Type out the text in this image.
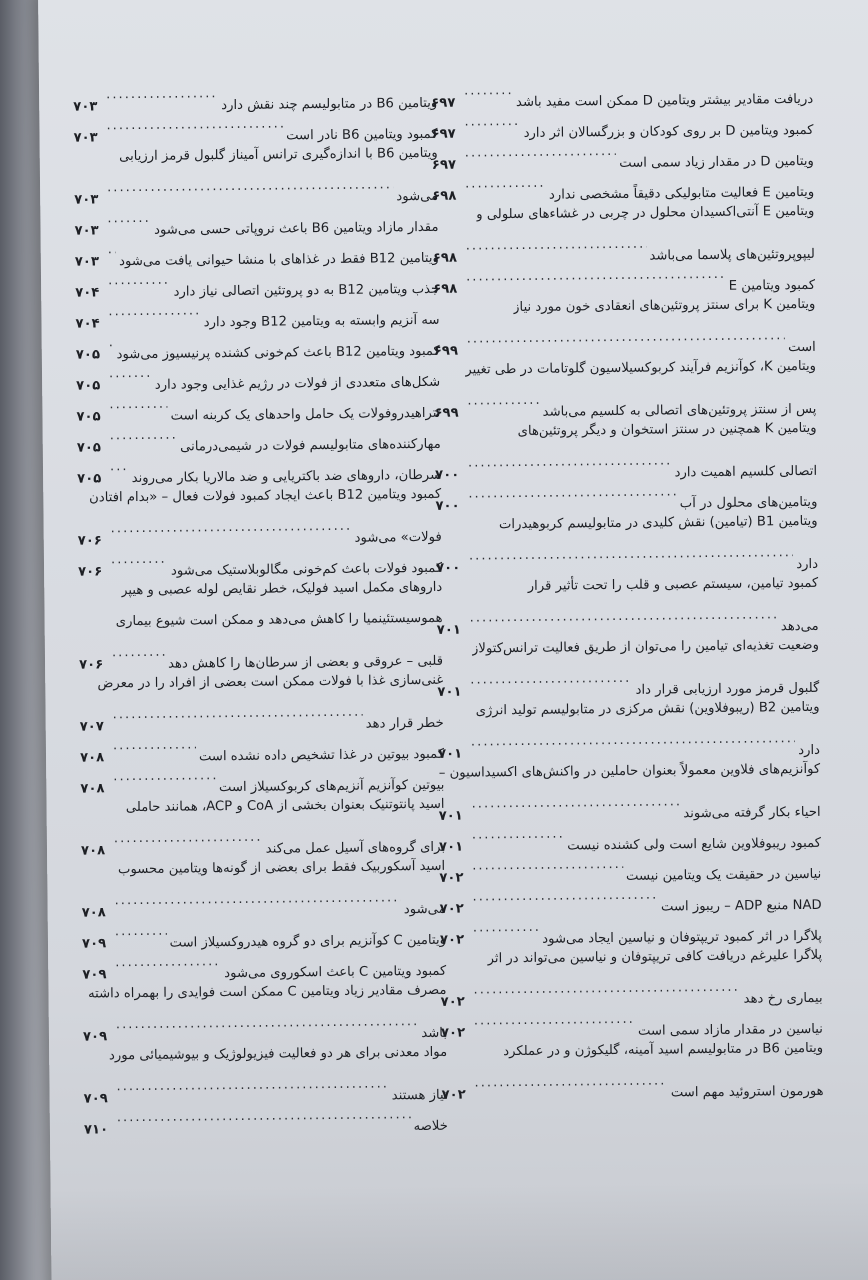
دریافت مقادیر بیشتر ویتامین D ممکن است مفید باشد
.....
۶۹۷
کمبود ویتامین D بر روی کودکان و بزرگسالان اثر دارد
.....
۶۹۷
ویتامین D در مقدار زیاد سمی است
.....
۶۹۷
ویتامین E فعالیت متابولیکی دقیقاً مشخصی ندارد
.....
۶۹۸
ویتامین E آنتی‌اکسیدان محلول در چربی در غشاءهای سلولی و
لیپوپروتئین‌های پلاسما می‌باشد
.....
۶۹۸
کمبود ویتامین E
.....
۶۹۸
ویتامین K برای سنتز پروتئین‌های انعقادی خون مورد نیاز
است
.....
۶۹۹
ویتامین K، کوآنزیم فرآیند کربوکسیلاسیون گلوتامات در طی تغییر
پس از سنتز پروتئین‌های اتصالی به کلسیم می‌باشد
.....
۶۹۹
ویتامین K همچنین در سنتز استخوان و دیگر پروتئین‌های
اتصالی کلسیم اهمیت دارد
.....
۷۰۰
ویتامین‌های محلول در آب
.....
۷۰۰
ویتامین B1 (تیامین) نقش کلیدی در متابولیسم کربوهیدرات
دارد
.....
۷۰۰
کمبود تیامین، سیستم عصبی و قلب را تحت تأثیر قرار
می‌دهد
.....
۷۰۱
وضعیت تغذیه‌ای تیامین را می‌توان از طریق فعالیت ترانس‌کتولاز
گلبول قرمز مورد ارزیابی قرار داد
.....
۷۰۱
ویتامین B2 (ریبوفلاوین) نقش مرکزی در متابولیسم تولید انرژی
دارد
.....
۷۰۱
کوآنزیم‌های فلاوین معمولاً بعنوان حاملین در واکنش‌های اکسیداسیون –
احیاء بکار گرفته می‌شوند
.....
۷۰۱
کمبود ریبوفلاوین شایع است ولی کشنده نیست
.....
۷۰۱
نیاسین در حقیقت یک ویتامین نیست
.....
۷۰۲
NAD منبع ADP – ریبوز است
.....
۷۰۲
پلاگرا در اثر کمبود تریپتوفان و نیاسین ایجاد می‌شود
.....
۷۰۲
پلاگرا علیرغم دریافت کافی تریپتوفان و نیاسین می‌تواند در اثر
بیماری رخ دهد
.....
۷۰۲
نیاسین در مقدار مازاد سمی است
.....
۷۰۲
ویتامین B6 در متابولیسم اسید آمینه، گلیکوژن و در عملکرد
هورمون استروئید مهم است
.....
۷۰۲
ویتامین B6 در متابولیسم چند نقش دارد
.....
۷۰۳
کمبود ویتامین B6 نادر است
.....
۷۰۳
ویتامین B6 با اندازه‌گیری ترانس آمیناز گلبول قرمز ارزیابی
می‌شود
.....
۷۰۳
مقدار مازاد ویتامین B6 باعث نروپاتی حسی می‌شود
.....
۷۰۳
ویتامین B12 فقط در غذاهای با منشا حیوانی یافت می‌شود
.....
۷۰۳
جذب ویتامین B12 به دو پروتئین اتصالی نیاز دارد
.....
۷۰۴
سه آنزیم وابسته به ویتامین B12 وجود دارد
.....
۷۰۴
کمبود ویتامین B12 باعث کم‌خونی کشنده پرنیسیوز می‌شود
.....
۷۰۵
شکل‌های متعددی از فولات در رژیم غذایی وجود دارد
.....
۷۰۵
تتراهیدروفولات یک حامل واحدهای یک کربنه است
.....
۷۰۵
مهارکننده‌های متابولیسم فولات در شیمی‌درمانی
.....
۷۰۵
سرطان، داروهای ضد باکتریایی و ضد مالاریا بکار می‌روند
.....
۷۰۵
کمبود ویتامین B12 باعث ایجاد کمبود فولات فعال – «بدام افتادن
فولات» می‌شود
.....
۷۰۶
کمبود فولات باعث کم‌خونی مگالوبلاستیک می‌شود
.....
۷۰۶
داروهای مکمل اسید فولیک، خطر نقایص لوله عصبی و هیپر
هموسیستئینمیا را کاهش می‌دهد و ممکن است شیوع بیماری
قلبی – عروقی و بعضی از سرطان‌ها را کاهش دهد
.....
۷۰۶
غنی‌سازی غذا با فولات ممکن است بعضی از افراد را در معرض
خطر قرار دهد
.....
۷۰۷
کمبود بیوتین در غذا تشخیص داده نشده است
.....
۷۰۸
بیوتین کوآنزیم آنزیم‌های کربوکسیلاز است
.....
۷۰۸
اسید پانتوتنیک بعنوان بخشی از CoA و ACP، همانند حاملی
برای گروه‌های آسیل عمل می‌کند
.....
۷۰۸
اسید آسکوربیک فقط برای بعضی از گونه‌ها ویتامین محسوب
می‌شود
.....
۷۰۸
ویتامین C کوآنزیم برای دو گروه هیدروکسیلاز است
.....
۷۰۹
کمبود ویتامین C باعث اسکوروی می‌شود
.....
۷۰۹
مصرف مقادیر زیاد ویتامین C ممکن است فوایدی را بهمراه داشته
باشد
.....
۷۰۹
مواد معدنی برای هر دو فعالیت فیزیولوژیک و بیوشیمیائی مورد
نیاز هستند
.....
۷۰۹
خلاصه
.....
۷۱۰
